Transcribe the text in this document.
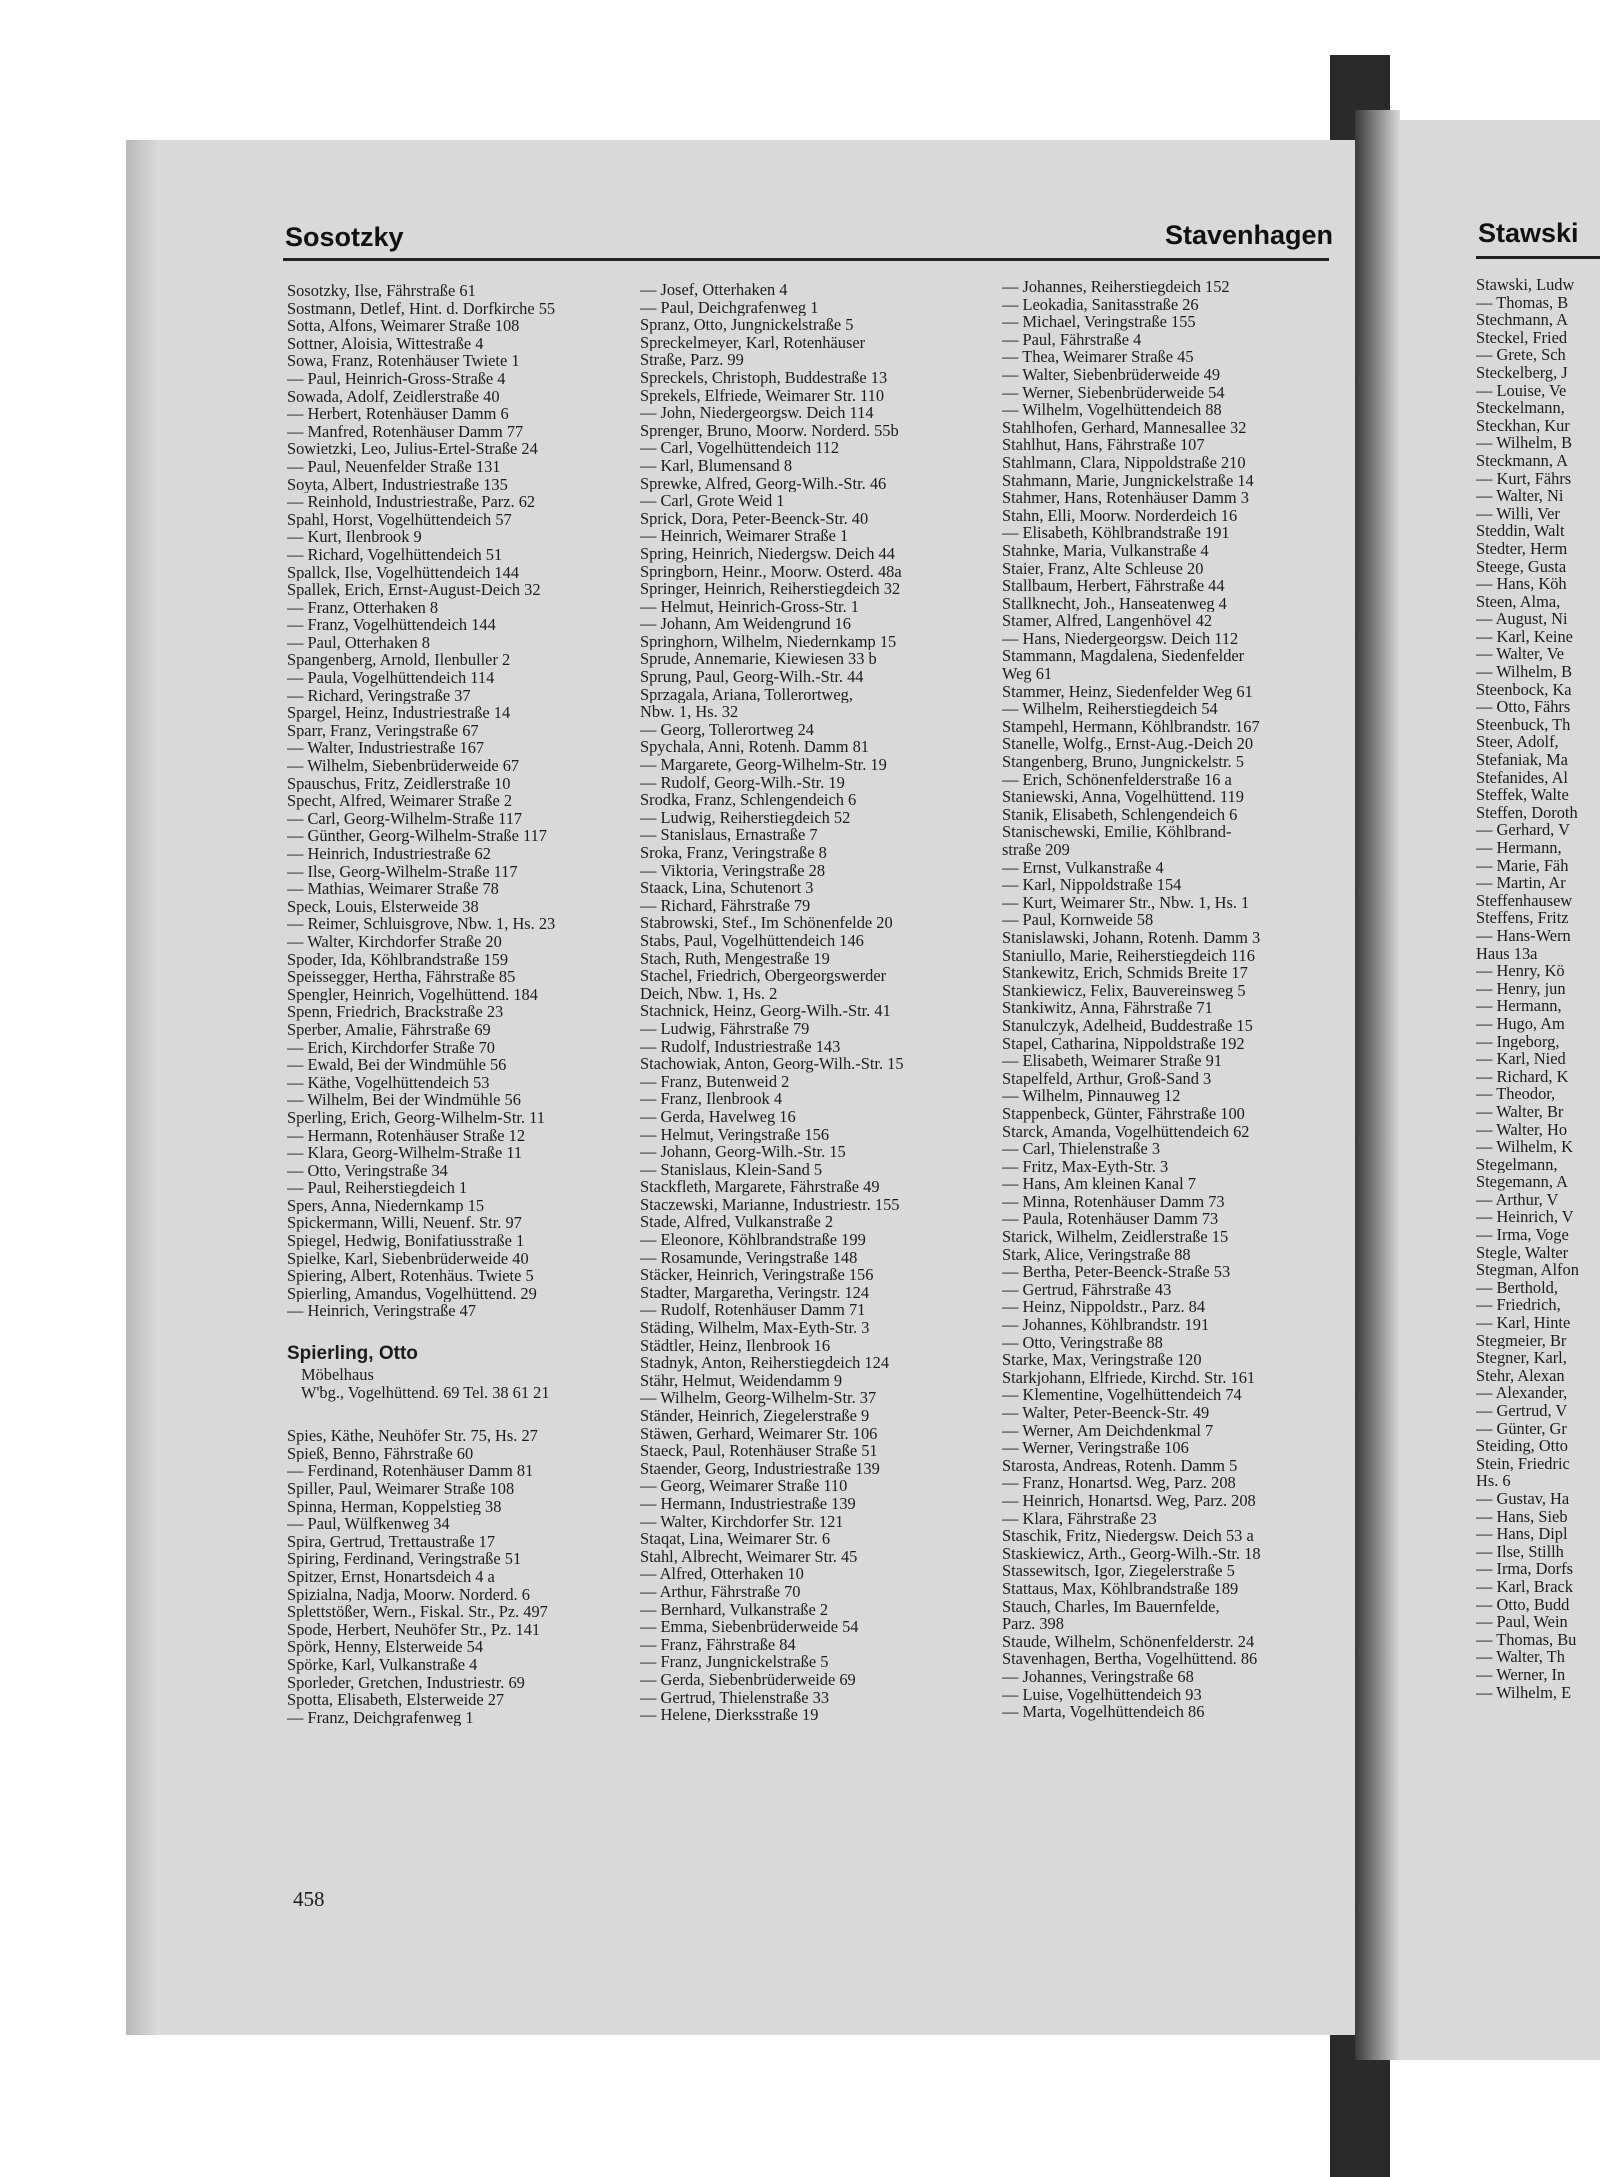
Sosotzky	Stavenhagen	Stawski
Sosotzky, Ilse, Fährstraße 61
Sostmann, Detlef, Hint. d. Dorfkirche 55
Sotta, Alfons, Weimarer Straße 108
Sottner, Aloisia, Wittestraße 4
Sowa, Franz, Rotenhäuser Twiete 1
— Paul, Heinrich-Gross-Straße 4
Sowada, Adolf, Zeidlerstraße 40
— Herbert, Rotenhäuser Damm 6
— Manfred, Rotenhäuser Damm 77
Sowietzki, Leo, Julius-Ertel-Straße 24
— Paul, Neuenfelder Straße 131
Soyta, Albert, Industriestraße 135
— Reinhold, Industriestraße, Parz. 62
Spahl, Horst, Vogelhüttendeich 57
— Kurt, Ilenbrook 9
— Richard, Vogelhüttendeich 51
Spallck, Ilse, Vogelhüttendeich 144
Spallek, Erich, Ernst-August-Deich 32
— Franz, Otterhaken 8
— Franz, Vogelhüttendeich 144
— Paul, Otterhaken 8
Spangenberg, Arnold, Ilenbuller 2
— Paula, Vogelhüttendeich 114
— Richard, Veringstraße 37
Spargel, Heinz, Industriestraße 14
Sparr, Franz, Veringstraße 67
— Walter, Industriestraße 167
— Wilhelm, Siebenbrüderweide 67
Spauschus, Fritz, Zeidlerstraße 10
Specht, Alfred, Weimarer Straße 2
— Carl, Georg-Wilhelm-Straße 117
— Günther, Georg-Wilhelm-Straße 117
— Heinrich, Industriestraße 62
— Ilse, Georg-Wilhelm-Straße 117
— Mathias, Weimarer Straße 78
Speck, Louis, Elsterweide 38
— Reimer, Schluisgrove, Nbw. 1, Hs. 23
— Walter, Kirchdorfer Straße 20
Spoder, Ida, Köhlbrandstraße 159
Speissegger, Hertha, Fährstraße 85
Spengler, Heinrich, Vogelhüttend. 184
Spenn, Friedrich, Brackstraße 23
Sperber, Amalie, Fährstraße 69
— Erich, Kirchdorfer Straße 70
— Ewald, Bei der Windmühle 56
— Käthe, Vogelhüttendeich 53
— Wilhelm, Bei der Windmühle 56
Sperling, Erich, Georg-Wilhelm-Str. 11
— Hermann, Rotenhäuser Straße 12
— Klara, Georg-Wilhelm-Straße 11
— Otto, Veringstraße 34
— Paul, Reiherstiegdeich 1
Spers, Anna, Niedernkamp 15
Spickermann, Willi, Neuenf. Str. 97
Spiegel, Hedwig, Bonifatiusstraße 1
Spielke, Karl, Siebenbrüderweide 40
Spiering, Albert, Rotenhäus. Twiete 5
Spierling, Amandus, Vogelhüttend. 29
— Heinrich, Veringstraße 47
Spierling, Otto
Möbelhaus
W'bg., Vogelhüttend. 69 Tel. 38 61 21
Spies, Käthe, Neuhöfer Str. 75, Hs. 27
Spieß, Benno, Fährstraße 60
— Ferdinand, Rotenhäuser Damm 81
Spiller, Paul, Weimarer Straße 108
Spinna, Herman, Koppelstieg 38
— Paul, Wülfkenweg 34
Spira, Gertrud, Trettaustraße 17
Spiring, Ferdinand, Veringstraße 51
Spitzer, Ernst, Honartsdeich 4 a
Spizialna, Nadja, Moorw. Norderd. 6
Splettstößer, Wern., Fiskal. Str., Pz. 497
Spode, Herbert, Neuhöfer Str., Pz. 141
Spörk, Henny, Elsterweide 54
Spörke, Karl, Vulkanstraße 4
Sporleder, Gretchen, Industriestr. 69
Spotta, Elisabeth, Elsterweide 27
— Franz, Deichgrafenweg 1
— Josef, Otterhaken 4
— Paul, Deichgrafenweg 1
Spranz, Otto, Jungnickelstraße 5
Spreckelmeyer, Karl, Rotenhäuser
Straße, Parz. 99
Spreckels, Christoph, Buddestraße 13
Sprekels, Elfriede, Weimarer Str. 110
— John, Niedergeorgsw. Deich 114
Sprenger, Bruno, Moorw. Norderd. 55b
— Carl, Vogelhüttendeich 112
— Karl, Blumensand 8
Sprewke, Alfred, Georg-Wilh.-Str. 46
— Carl, Grote Weid 1
Sprick, Dora, Peter-Beenck-Str. 40
— Heinrich, Weimarer Straße 1
Spring, Heinrich, Niedergsw. Deich 44
Springborn, Heinr., Moorw. Osterd. 48a
Springer, Heinrich, Reiherstiegdeich 32
— Helmut, Heinrich-Gross-Str. 1
— Johann, Am Weidengrund 16
Springhorn, Wilhelm, Niedernkamp 15
Sprude, Annemarie, Kiewiesen 33 b
Sprung, Paul, Georg-Wilh.-Str. 44
Sprzagala, Ariana, Tollerortweg,
Nbw. 1, Hs. 32
— Georg, Tollerortweg 24
Spychala, Anni, Rotenh. Damm 81
— Margarete, Georg-Wilhelm-Str. 19
— Rudolf, Georg-Wilh.-Str. 19
Srodka, Franz, Schlengendeich 6
— Ludwig, Reiherstiegdeich 52
— Stanislaus, Ernastraße 7
Sroka, Franz, Veringstraße 8
— Viktoria, Veringstraße 28
Staack, Lina, Schutenort 3
— Richard, Fährstraße 79
Stabrowski, Stef., Im Schönenfelde 20
Stabs, Paul, Vogelhüttendeich 146
Stach, Ruth, Mengestraße 19
Stachel, Friedrich, Obergeorgswerder
Deich, Nbw. 1, Hs. 2
Stachnick, Heinz, Georg-Wilh.-Str. 41
— Ludwig, Fährstraße 79
— Rudolf, Industriestraße 143
Stachowiak, Anton, Georg-Wilh.-Str. 15
— Franz, Butenweid 2
— Franz, Ilenbrook 4
— Gerda, Havelweg 16
— Helmut, Veringstraße 156
— Johann, Georg-Wilh.-Str. 15
— Stanislaus, Klein-Sand 5
Stackfleth, Margarete, Fährstraße 49
Staczewski, Marianne, Industriestr. 155
Stade, Alfred, Vulkanstraße 2
— Eleonore, Köhlbrandstraße 199
— Rosamunde, Veringstraße 148
Stäcker, Heinrich, Veringstraße 156
Stadter, Margaretha, Veringstr. 124
— Rudolf, Rotenhäuser Damm 71
Städing, Wilhelm, Max-Eyth-Str. 3
Städtler, Heinz, Ilenbrook 16
Stadnyk, Anton, Reiherstiegdeich 124
Stähr, Helmut, Weidendamm 9
— Wilhelm, Georg-Wilhelm-Str. 37
Ständer, Heinrich, Ziegelerstraße 9
Stäwen, Gerhard, Weimarer Str. 106
Staeck, Paul, Rotenhäuser Straße 51
Staender, Georg, Industriestraße 139
— Georg, Weimarer Straße 110
— Hermann, Industriestraße 139
— Walter, Kirchdorfer Str. 121
Staqat, Lina, Weimarer Str. 6
Stahl, Albrecht, Weimarer Str. 45
— Alfred, Otterhaken 10
— Arthur, Fährstraße 70
— Bernhard, Vulkanstraße 2
— Emma, Siebenbrüderweide 54
— Franz, Fährstraße 84
— Franz, Jungnickelstraße 5
— Gerda, Siebenbrüderweide 69
— Gertrud, Thielenstraße 33
— Helene, Dierksstraße 19
— Johannes, Reiherstiegdeich 152
— Leokadia, Sanitasstraße 26
— Michael, Veringstraße 155
— Paul, Fährstraße 4
— Thea, Weimarer Straße 45
— Walter, Siebenbrüderweide 49
— Werner, Siebenbrüderweide 54
— Wilhelm, Vogelhüttendeich 88
Stahlhofen, Gerhard, Mannesallee 32
Stahlhut, Hans, Fährstraße 107
Stahlmann, Clara, Nippoldstraße 210
Stahmann, Marie, Jungnickelstraße 14
Stahmer, Hans, Rotenhäuser Damm 3
Stahn, Elli, Moorw. Norderdeich 16
— Elisabeth, Köhlbrandstraße 191
Stahnke, Maria, Vulkanstraße 4
Staier, Franz, Alte Schleuse 20
Stallbaum, Herbert, Fährstraße 44
Stallknecht, Joh., Hanseatenweg 4
Stamer, Alfred, Langenhövel 42
— Hans, Niedergeorgsw. Deich 112
Stammann, Magdalena, Siedenfelder
Weg 61
Stammer, Heinz, Siedenfelder Weg 61
— Wilhelm, Reiherstiegdeich 54
Stampehl, Hermann, Köhlbrandstr. 167
Stanelle, Wolfg., Ernst-Aug.-Deich 20
Stangenberg, Bruno, Jungnickelstr. 5
— Erich, Schönenfelderstraße 16 a
Staniewski, Anna, Vogelhüttend. 119
Stanik, Elisabeth, Schlengendeich 6
Stanischewski, Emilie, Köhlbrand-
straße 209
— Ernst, Vulkanstraße 4
— Karl, Nippoldstraße 154
— Kurt, Weimarer Str., Nbw. 1, Hs. 1
— Paul, Kornweide 58
Stanislawski, Johann, Rotenh. Damm 3
Staniullo, Marie, Reiherstiegdeich 116
Stankewitz, Erich, Schmids Breite 17
Stankiewicz, Felix, Bauvereinsweg 5
Stankiwitz, Anna, Fährstraße 71
Stanulczyk, Adelheid, Buddestraße 15
Stapel, Catharina, Nippoldstraße 192
— Elisabeth, Weimarer Straße 91
Stapelfeld, Arthur, Groß-Sand 3
— Wilhelm, Pinnauweg 12
Stappenbeck, Günter, Fährstraße 100
Starck, Amanda, Vogelhüttendeich 62
— Carl, Thielenstraße 3
— Fritz, Max-Eyth-Str. 3
— Hans, Am kleinen Kanal 7
— Minna, Rotenhäuser Damm 73
— Paula, Rotenhäuser Damm 73
Starick, Wilhelm, Zeidlerstraße 15
Stark, Alice, Veringstraße 88
— Bertha, Peter-Beenck-Straße 53
— Gertrud, Fährstraße 43
— Heinz, Nippoldstr., Parz. 84
— Johannes, Köhlbrandstr. 191
— Otto, Veringstraße 88
Starke, Max, Veringstraße 120
Starkjohann, Elfriede, Kirchd. Str. 161
— Klementine, Vogelhüttendeich 74
— Walter, Peter-Beenck-Str. 49
— Werner, Am Deichdenkmal 7
— Werner, Veringstraße 106
Starosta, Andreas, Rotenh. Damm 5
— Franz, Honartsd. Weg, Parz. 208
— Heinrich, Honartsd. Weg, Parz. 208
— Klara, Fährstraße 23
Staschik, Fritz, Niedergsw. Deich 53 a
Staskiewicz, Arth., Georg-Wilh.-Str. 18
Stassewitsch, Igor, Ziegelerstraße 5
Stattaus, Max, Köhlbrandstraße 189
Stauch, Charles, Im Bauernfelde,
Parz. 398
Staude, Wilhelm, Schönenfelderstr. 24
Stavenhagen, Bertha, Vogelhüttend. 86
— Johannes, Veringstraße 68
— Luise, Vogelhüttendeich 93
— Marta, Vogelhüttendeich 86
Stawski, Ludw
— Thomas, B
Stechmann, A
Steckel, Fried
— Grete, Sch
Steckelberg, J
— Louise, Ve
Steckelmann,
Steckhan, Kur
— Wilhelm, B
Steckmann, A
— Kurt, Fährs
— Walter, Ni
— Willi, Ver
Steddin, Walt
Stedter, Herm
Steege, Gusta
— Hans, Köh
Steen, Alma,
— August, Ni
— Karl, Keine
— Walter, Ve
— Wilhelm, B
Steenbock, Ka
— Otto, Fährs
Steenbuck, Th
Steer, Adolf,
Stefaniak, Ma
Stefanides, Al
Steffek, Walte
Steffen, Doroth
— Gerhard, V
— Hermann,
— Marie, Fäh
— Martin, Ar
Steffenhausew
Steffens, Fritz
— Hans-Wern
Haus 13a
— Henry, Kö
— Henry, jun
— Hermann,
— Hugo, Am
— Ingeborg,
— Karl, Nied
— Richard, K
— Theodor,
— Walter, Br
— Walter, Ho
— Wilhelm, K
Stegelmann,
Stegemann, A
— Arthur, V
— Heinrich, V
— Irma, Voge
Stegle, Walter
Stegman, Alfon
— Berthold,
— Friedrich,
— Karl, Hinte
Stegmeier, Br
Stegner, Karl,
Stehr, Alexan
— Alexander,
— Gertrud, V
— Günter, Gr
Steiding, Otto
Stein, Friedric
Hs. 6
— Gustav, Ha
— Hans, Sieb
— Hans, Dipl
— Ilse, Stillh
— Irma, Dorfs
— Karl, Brack
— Otto, Budd
— Paul, Wein
— Thomas, Bu
— Walter, Th
— Werner, In
— Wilhelm, E
458
